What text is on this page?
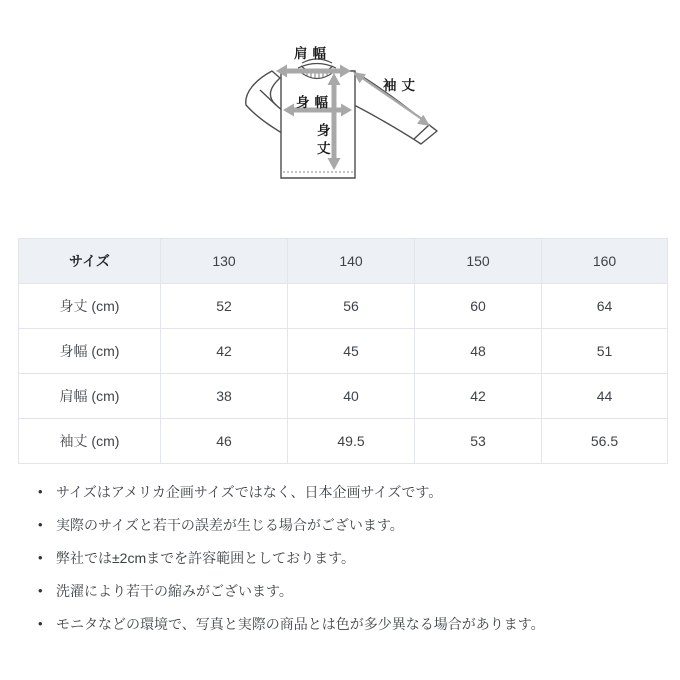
肩幅
袖丈
身幅
身
丈
サイズ	130	140	150	160
身丈 (cm)	52	56	60	64
身幅 (cm)	42	45	48	51
肩幅 (cm)	38	40	42	44
袖丈 (cm)	46	49.5	53	56.5
• サイズはアメリカ企画サイズではなく、日本企画サイズです。
• 実際のサイズと若干の誤差が生じる場合がございます。
• 弊社では±2cmまでを許容範囲としております。
• 洗濯により若干の縮みがございます。
• モニタなどの環境で、写真と実際の商品とは色が多少異なる場合があります。
